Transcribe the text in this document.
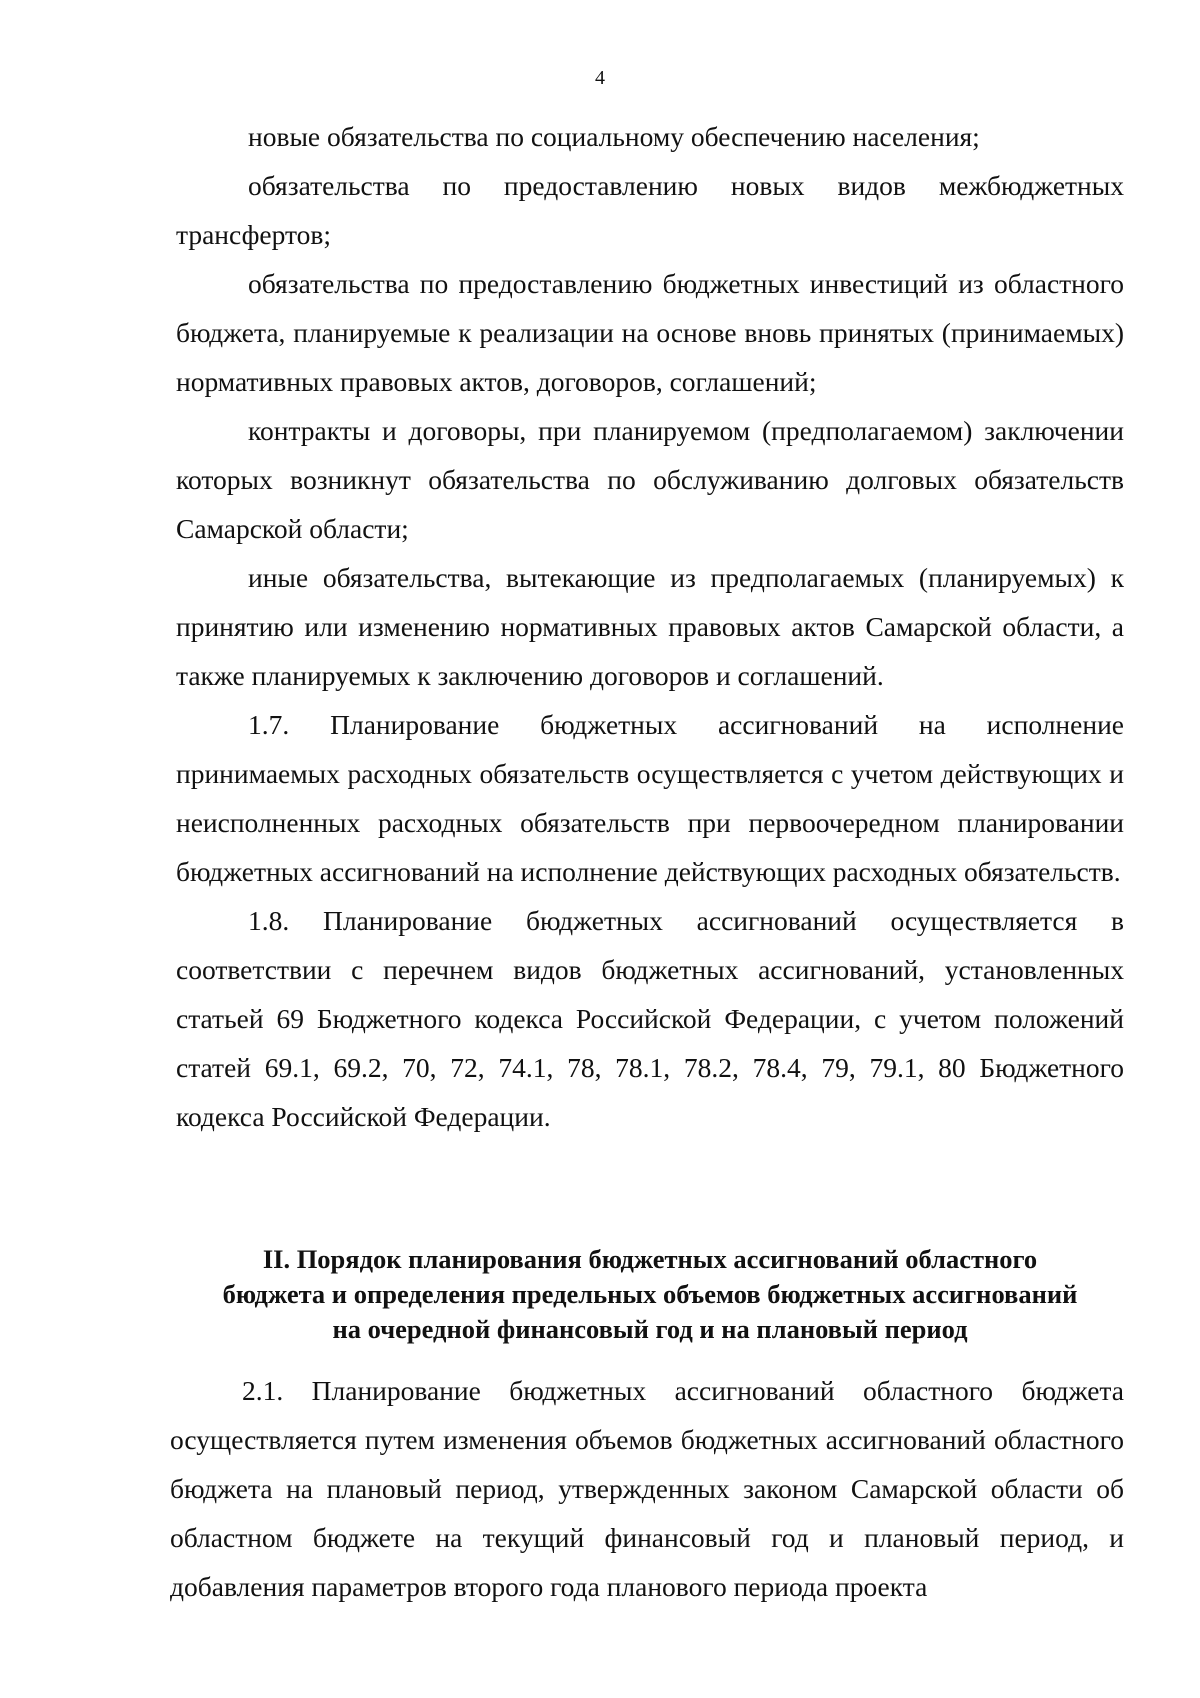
4

новые обязательства по социальному обеспечению населения;

обязательства по предоставлению новых видов межбюджетных трансфертов;

обязательства по предоставлению бюджетных инвестиций из областного бюджета, планируемые к реализации на основе вновь принятых (принимаемых) нормативных правовых актов, договоров, соглашений;

контракты и договоры, при планируемом (предполагаемом) заключении которых возникнут обязательства по обслуживанию долговых обязательств Самарской области;

иные обязательства, вытекающие из предполагаемых (планируемых) к принятию или изменению нормативных правовых актов Самарской области, а также планируемых к заключению договоров и соглашений.

1.7. Планирование бюджетных ассигнований на исполнение принимаемых расходных обязательств осуществляется с учетом действующих и неисполненных расходных обязательств при первоочередном планировании бюджетных ассигнований на исполнение действующих расходных обязательств.

1.8. Планирование бюджетных ассигнований осуществляется в соответствии с перечнем видов бюджетных ассигнований, установленных статьей 69 Бюджетного кодекса Российской Федерации, с учетом положений статей 69.1, 69.2, 70, 72, 74.1, 78, 78.1, 78.2, 78.4, 79, 79.1, 80 Бюджетного кодекса Российской Федерации.

II. Порядок планирования бюджетных ассигнований областного
бюджета и определения предельных объемов бюджетных ассигнований
на очередной финансовый год и на плановый период

2.1. Планирование бюджетных ассигнований областного бюджета осуществляется путем изменения объемов бюджетных ассигнований областного бюджета на плановый период, утвержденных законом Самарской области об областном бюджете на текущий финансовый год и плановый период, и добавления параметров второго года планового периода проекта
